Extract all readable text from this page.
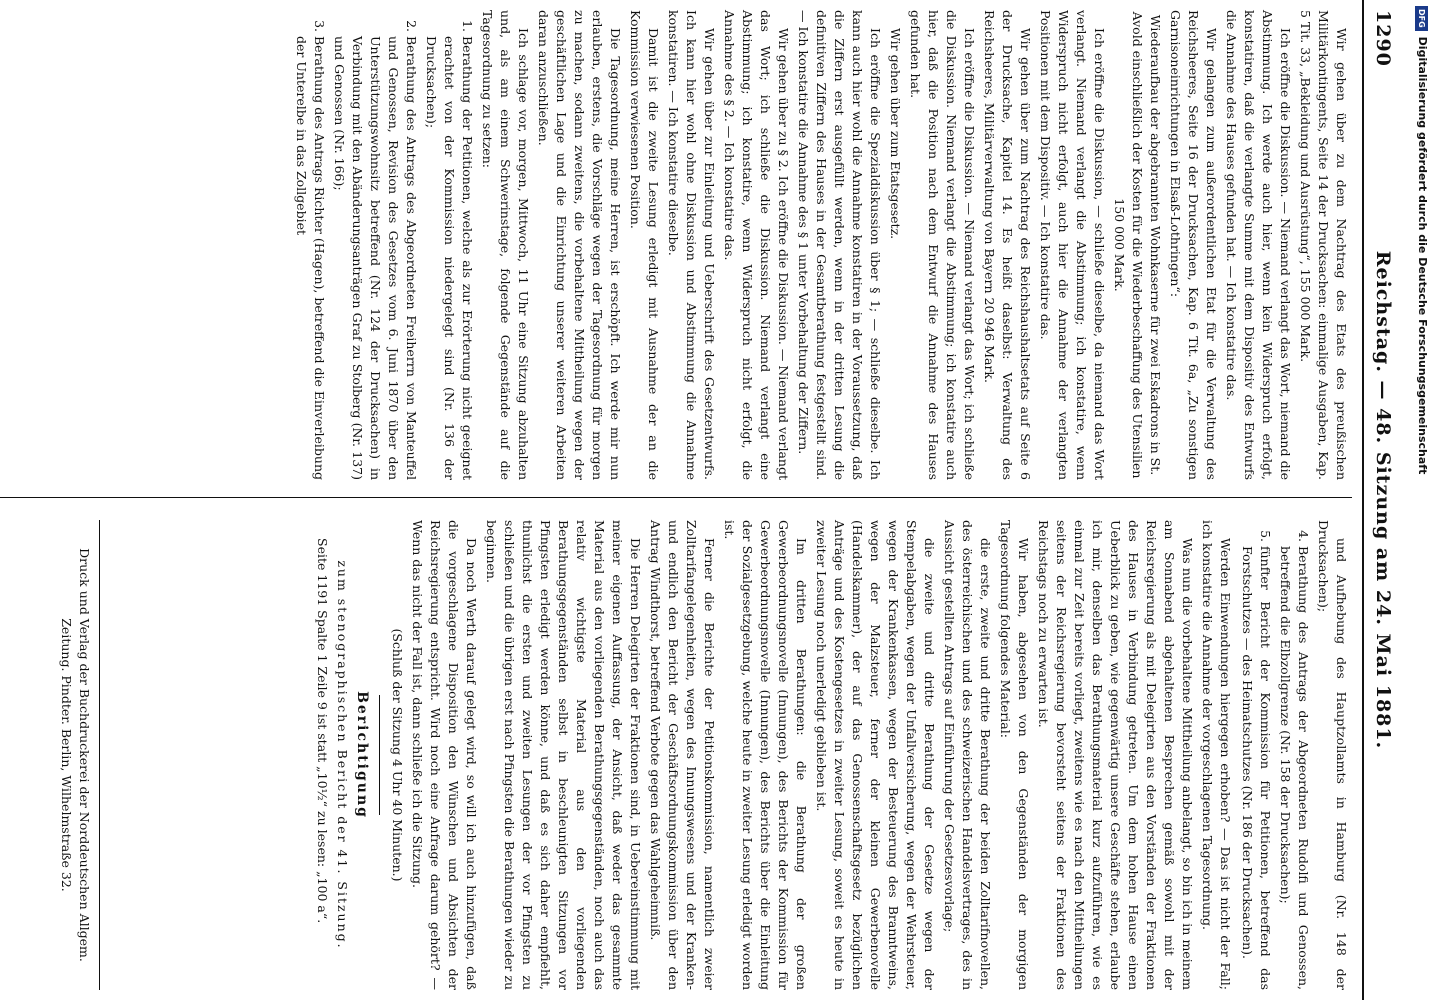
1290
Reichstag. — 48. Sitzung am 24. Mai 1881.

Wir gehen über zu dem Nachtrag des Etats des preußischen Militärkontingents, Seite 14 der Drucksachen: einmalige Ausgaben, Kap. 5 Tit. 33, „Bekleidung und Ausrüstung“, 155 000 Mark.

Ich eröffne die Diskussion. — Niemand verlangt das Wort, niemand die Abstimmung. Ich werde auch hier, wenn kein Widerspruch erfolgt, konstatiren, daß die verlangte Summe mit dem Dispositiv des Entwurfs die Annahme des Hauses gefunden hat. — Ich konstatire das.

Wir gelangen zum außerordentlichen Etat für die Verwaltung des Reichsheeres, Seite 16 der Drucksachen, Kap. 6 Tit. 6a, „Zu sonstigen Garnisoneinrichtungen in Elsaß-Lothringen“:

Wiederaufbau der abgebrannten Wohnkaserne für zwei Eskadrons in St. Avold einschließlich der Kosten für die Wiederbeschaffung des Utensilien 150 000 Mark.

Ich eröffne die Diskussion, — schließe dieselbe, da niemand das Wort verlangt. Niemand verlangt die Abstimmung; ich konstatire, wenn Widerspruch nicht erfolgt, auch hier die Annahme der verlangten Positionen mit dem Dispositiv. — Ich konstatire das.

Wir gehen über zum Nachtrag des Reichshaushaltsetats auf Seite 6 der Drucksache, Kapitel 14. Es heißt daselbst: Verwaltung des Reichsheeres, Militärverwaltung von Bayern 20 946 Mark.

Ich eröffne die Diskussion. — Niemand verlangt das Wort; ich schließe die Diskussion. Niemand verlangt die Abstimmung; ich konstatire auch hier, daß die Position nach dem Entwurf die Annahme des Hauses gefunden hat.

Wir gehen über zum Etatsgesetz.

Ich eröffne die Spezialdiskussion über § 1; — schließe dieselbe. Ich kann auch hier wohl die Annahme konstatiren in der Voraussetzung, daß die Ziffern erst ausgefüllt werden, wenn in der dritten Lesung die definitiven Ziffern des Hauses in der Gesamtberathung festgestellt sind. — Ich konstatire die Annahme des § 1 unter Vorbehaltung der Ziffern.

Wir gehen über zu § 2. Ich eröffne die Diskussion. — Niemand verlangt das Wort; ich schließe die Diskussion. Niemand verlangt eine Abstimmung; ich konstatire, wenn Widerspruch nicht erfolgt, die Annahme des § 2. — Ich konstatire das.

Wir gehen über zur Einleitung und Ueberschrift des Gesetzentwurfs. Ich kann hier wohl ohne Diskussion und Abstimmung die Annahme konstatiren. — Ich konstatire dieselbe.

Damit ist die zweite Lesung erledigt mit Ausnahme der an die Kommission verwiesenen Position.

Die Tagesordnung, meine Herren, ist erschöpft. Ich werde mir nun erlauben, erstens, die Vorschläge wegen der Tagesordnung für morgen zu machen, sodann zweitens, die vorbehaltene Mittheilung wegen der geschäftlichen Lage und die Einrichtung unserer weiteren Arbeiten daran anzuschließen.

Ich schlage vor, morgen, Mittwoch, 11 Uhr eine Sitzung abzuhalten und, als am einem Schwerinstage, folgende Gegenstände auf die Tagesordnung zu setzen:

1. Berathung der Petitionen, welche als zur Erörterung nicht geeignet erachtet von der Kommission niedergelegt sind (Nr. 136 der Drucksachen);
2. Berathung des Antrags des Abgeordneten Freiherrn von Manteuffel und Genossen, Revision des Gesetzes vom 6. Juni 1870 über den Unterstützungswohnsitz betreffend (Nr. 124 der Drucksachen) in Verbindung mit den Abänderungsanträgen Graf zu Stolberg (Nr. 137) und Genossen (Nr. 166);
3. Berathung des Antrags Richter (Hagen), betreffend die Einverleibung der Unterelbe in das Zollgebiet

und Aufhebung des Hauptzollamts in Hamburg (Nr. 148 der Drucksachen);

4. Berathung des Antrags der Abgeordneten Rudolfi und Genossen, betreffend die Elbzollgrenze (Nr. 158 der Drucksachen);
5. fünfter Bericht der Kommission für Petitionen, betreffend das Forstschutzes — des Heimatschutzes (Nr. 186 der Drucksachen).

Werden Einwendungen hiergegen erhoben? — Das ist nicht der Fall; ich konstatire die Annahme der vorgeschlagenen Tagesordnung.

Was nun die vorbehaltene Mittheilung anbelangt, so bin ich in meinem am Sonnabend abgehaltenen Besprechen gemäß sowohl mit der Reichsregierung als mit Delegirten aus den Vorständen der Fraktionen des Hauses in Verbindung getreten. Um dem hohen Hause einen Ueberblick zu geben, wie gegenwärtig unsere Geschäfte stehen, erlaube ich mir, denselben das Berathungsmaterial kurz aufzuführen, wie es einmal zur Zeit bereits vorliegt, zweitens wie es nach den Mittheilungen seitens der Reichsregierung bevorsteht seitens der Fraktionen des Reichstags noch zu erwarten ist.

Wir haben, abgesehen von den Gegenständen der morgigen Tagesordnung folgendes Material:

die erste, zweite und dritte Berathung der beiden Zolltarifnovellen, des österreichischen und des schweizerischen Handelsvertrages, des in Aussicht gestellten Antrags auf Einführung der Gesetzesvorlage;

die zweite und dritte Berathung der Gesetze wegen der Stempelabgaben, wegen der Unfallversicherung, wegen der Wehrsteuer, wegen der Krankenkassen, wegen der Besteuerung des Branntweins, wegen der Malzsteuer, ferner der kleinen Gewerbenovelle (Handelskammer), der auf das Genossenschaftsgesetz bezüglichen Anträge und des Kostengesetzes in zweiter Lesung, soweit es heute in zweiter Lesung noch unerledigt geblieben ist.

Im dritten Berathungen: die Berathung der großen Gewerbeordnungsnovelle (Innungen), des Berichts der Kommission für Gewerbeordnungsnovelle (Innungen), des Berichts über die Einleitung der Sozialgesetzgebung, welche heute in zweiter Lesung erledigt worden ist.

Ferner die Berichte der Petitionskommission, namentlich zweier Zolltarifangelegenheiten, wegen des Innungswesens und der Kranken- und endlich den Bericht der Geschäftsordnungskommission über den Antrag Windthorst, betreffend Verbote gegen das Wahlgeheimniß.

Die Herren Delegirten der Fraktionen sind, in Uebereinstimmung mit meiner eigenen Auffassung, der Ansicht, daß weder das gesammte Material aus den vorliegenden Berathungsgegenständen, noch auch das relativ wichtigste Material aus den vorliegenden Berathungsgegenständen selbst in beschleunigten Sitzungen vor Pfingsten erledigt werden könne, und daß es sich daher empfiehlt, thunlichst die ersten und zweiten Lesungen der vor Pfingsten zu schließen und die übrigen erst nach Pfingsten die Berathungen wieder zu beginnen.

Da noch Werth darauf gelegt wird, so will ich auch hinzufügen, daß die vorgeschlagene Disposition den Wünschen und Absichten der Reichsregierung entspricht. Wird noch eine Anfrage darum gehört? — Wenn das nicht der Fall ist, dann schließe ich die Sitzung.

(Schluß der Sitzung 4 Uhr 40 Minuten.)

Berichtigung

zum stenographischen Bericht der 41. Sitzung.

Seite 1191 Spalte 1 Zeile 9 ist statt „10½“ zu lesen: „100 a“.

Druck und Verlag der Buchdruckerei der Norddeutschen Allgem. Zeitung. Pindter. Berlin, Wilhelmstraße 32.
DFGDigitalisierung gefördert durch die Deutsche Forschungsgemeinschaft
